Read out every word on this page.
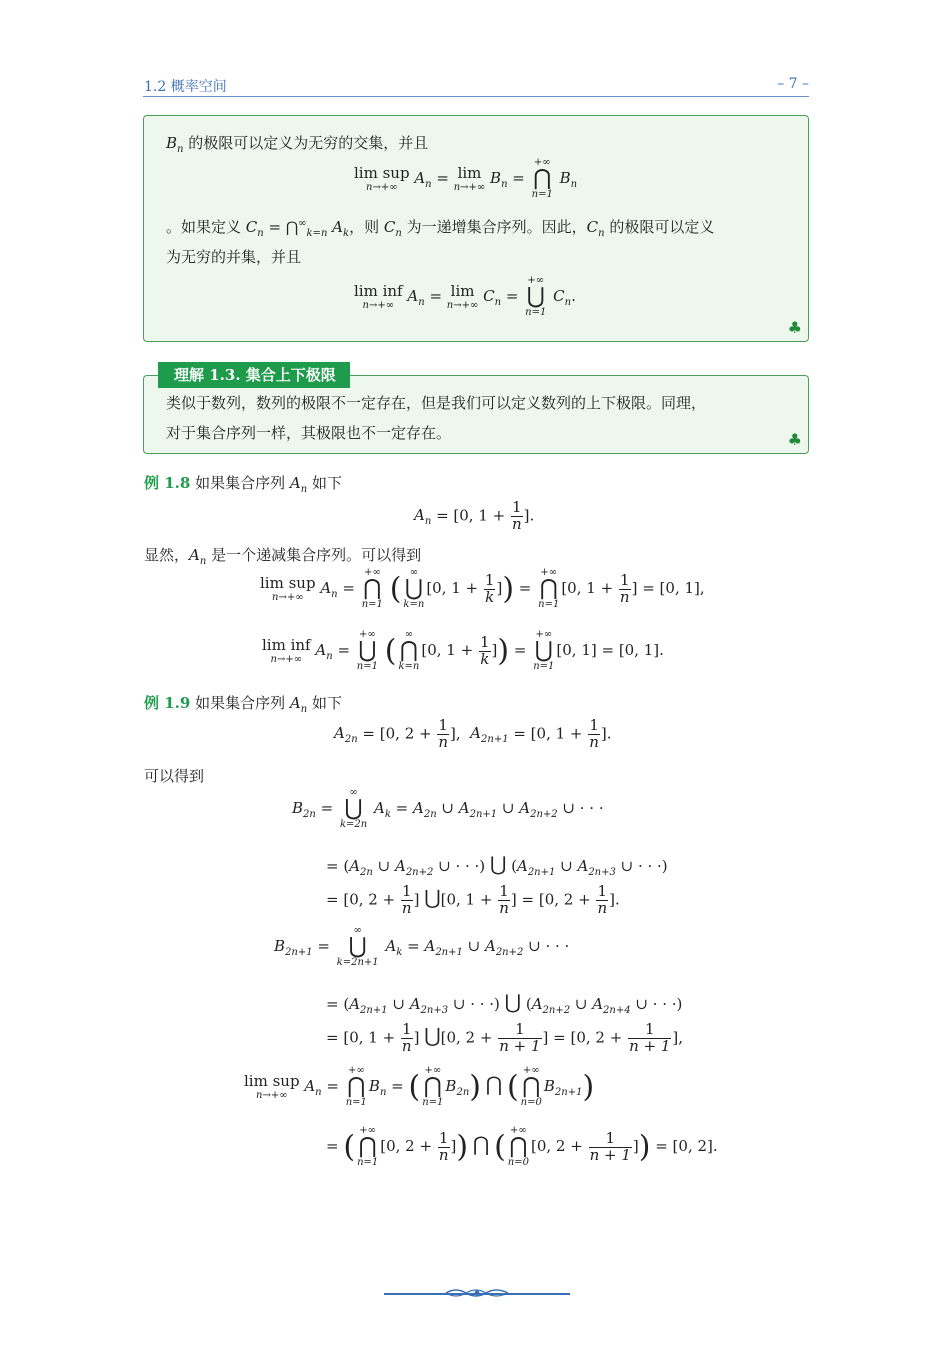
1.2 概率空间	– 7 –
$B_n$ 的极限可以定义为无穷的交集，并且
lim sup
n→+∞
$A_n = \lim$
n→+∞
$B_n$ =
+∞
⋂
n=1
$B_n$
。如果定义 $C_n$ = $⋂^\infty_{k=n}$ $A_k$，则 $C_n$ 为一递增集合序列。因此，$C_n$ 的极限可以定义
为无穷的并集，并且
lim inf
n→+∞
$A_n = \lim$
n→+∞
$C_n$ =
+∞
⋃
n=1
$C_n$.
♣
类似于数列，数列的极限不一定存在，但是我们可以定义数列的上下极限。同理，
对于集合序列一样，其极限也不一定存在。	♣
理解 1.3. 集合上下极限
例 1.8 如果集合序列 $A_n$ 如下
$A_n = [0$, $1 + \frac{1}{n}$ ].
显然，$A_n$ 是一个递减集合序列。可以得到
lim sup
n→+∞
$A_n$ =
+∞
⋂
n=1 ( ∞
⋃
k=n
[0, $1 + \frac{1}{k}$ ]) =
+∞
⋂
n=1
[0, $1 + \frac{1}{n}$ ] = [0, 1],
lim inf
n→+∞
$A_n$ =
+∞
⋃
n=1 ( ∞
⋂
k=n
[0, $1 + \frac{1}{k}$ ]) =
+∞
⋃
n=1
[0, 1] = [0, 1].
例 1.9 如果集合序列 $A_n$ 如下
$A_{2n} = [0$, $2 + \frac{1}{n}$ ],  $A_{2n+1} = [0$, $1 + \frac{1}{n}$ ].
可以得到
$B_{2n}$ =
∞
⋃
k=2n
$A_k = A_{2n}$ ∪ $A_{2n+1}$ ∪ $A_{2n+2}$ ∪ · · ·
= ($A_{2n}$ ∪ $A_{2n+2}$ ∪ · · ·) ⋃ ($A_{2n+1}$ ∪ $A_{2n+3}$ ∪ · · ·)
= [0, $2 + \frac{1}{n}$ ] ⋃[0, $1 + \frac{1}{n}$ ] = [0, $2 + \frac{1}{n}$ ].
$B_{2n+1}$ =
∞
⋃
k=2n+1
$A_k = A_{2n+1}$ ∪ $A_{2n+2}$ ∪ · · ·
= ($A_{2n+1}$ ∪ $A_{2n+3}$ ∪ · · ·) ⋃ ($A_{2n+2}$ ∪ $A_{2n+4}$ ∪ · · ·)
= [0, $1 + \frac{1}{n}$ ] ⋃[0, $2 + \frac{1}{n + 1}$ ] = [0, $2 + \frac{1}{n + 1}$ ],
lim sup
n→+∞
$A_n$ =
+∞
⋂
n=1
$B_n$ = ( +∞
⋂
n=1
$B_{2n}$) ⋂ ( +∞
⋂
n=0
$B_{2n+1}$)
= ( +∞
⋂
n=1
[0, $2 + \frac{1}{n}$ ]) ⋂ ( +∞
⋂
n=0
[0, $2 + \frac{1}{n + 1}$ ]) = [0, 2].
